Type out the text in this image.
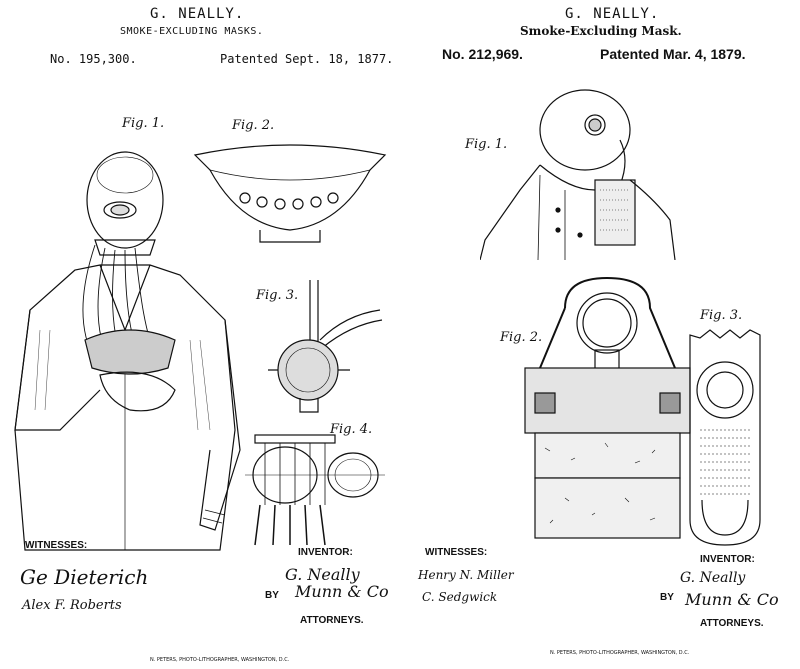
G. NEALLY.
SMOKE-EXCLUDING MASKS.
No. 195,300.	Patented Sept. 18, 1877.
Fig. 1.	Fig. 2.
Fig. 3.
Fig. 4.
WITNESSES:
Ge Dieterich
Alex F. Roberts
INVENTOR:
G. Neally
BY Munn & Co
ATTORNEYS.
N. PETERS, PHOTO-LITHOGRAPHER, WASHINGTON, D.C.
G. NEALLY.
Smoke-Excluding Mask.
No. 212,969.	Patented Mar. 4, 1879.
Fig. 1.
Fig. 2.
Fig. 3.
WITNESSES:
Henry N. Miller
C. Sedgwick
INVENTOR:
G. Neally
BY Munn & Co
ATTORNEYS.
N. PETERS, PHOTO-LITHOGRAPHER, WASHINGTON, D.C.
